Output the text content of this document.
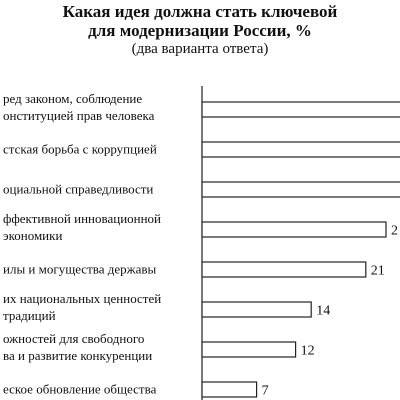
Какая идея должна стать ключевой
для модернизации России, %
(два варианта ответа)
ред законом, соблюдение
онституцией прав человека
стская борьба с коррупцией
оциальной справедливости
ффективной инновационной
экономики	2
илы и могущества державы	21
их национальных ценностей
традиций	14
ожностей для свободного
ва и развитие конкуренции	12
еское обновление общества	7
